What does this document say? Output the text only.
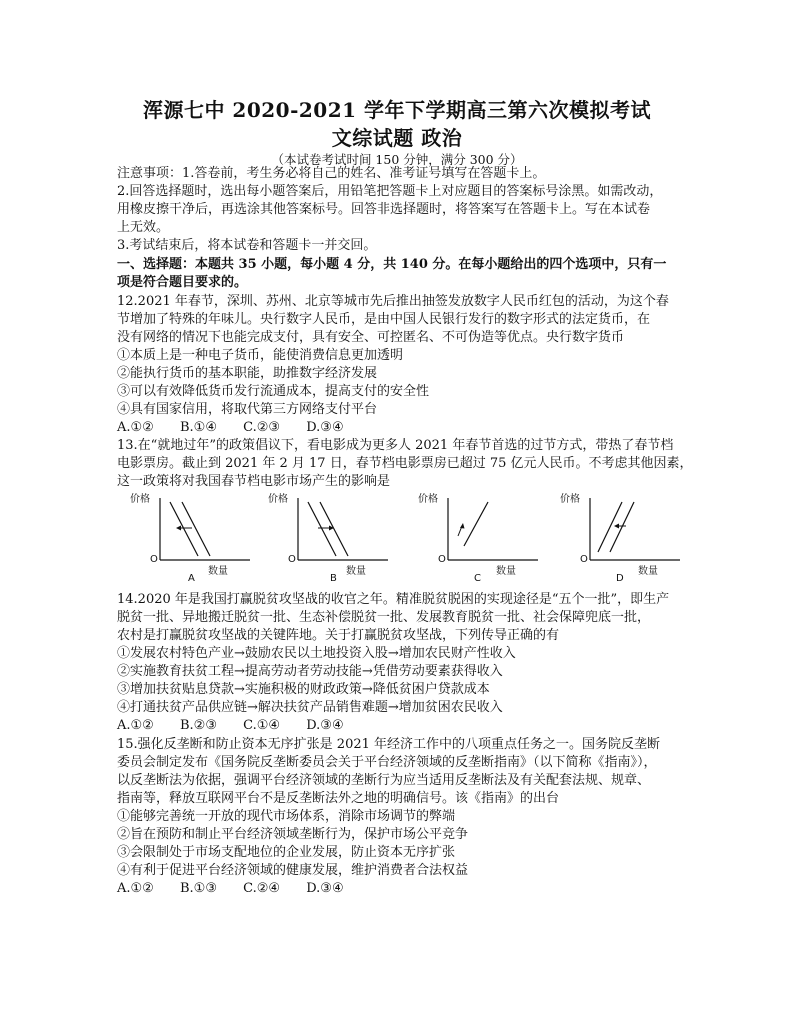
浑源七中 2020-2021 学年下学期高三第六次模拟考试
文综试题 政治
（本试卷考试时间 150 分钟，满分 300 分）
注意事项：1.答卷前，考生务必将自己的姓名、准考证号填写在答题卡上。
2.回答选择题时，选出每小题答案后，用铅笔把答题卡上对应题目的答案标号涂黑。如需改动，
用橡皮擦干净后，再选涂其他答案标号。回答非选择题时，将答案写在答题卡上。写在本试卷
上无效。
3.考试结束后，将本试卷和答题卡一并交回。
一、选择题：本题共 35 小题，每小题 4 分，共 140 分。在每小题给出的四个选项中，只有一
项是符合题目要求的。
12.2021 年春节，深圳、苏州、北京等城市先后推出抽签发放数字人民币红包的活动，为这个春
节增加了特殊的年味儿。央行数字人民币，是由中国人民银行发行的数字形式的法定货币，在
没有网络的情况下也能完成支付，具有安全、可控匿名、不可伪造等优点。央行数字货币
①本质上是一种电子货币，能使消费信息更加透明
②能执行货币的基本职能，助推数字经济发展
③可以有效降低货币发行流通成本，提高支付的安全性
④具有国家信用，将取代第三方网络支付平台
A.①② B.①④ C.②③ D.③④
13.在“就地过年”的政策倡议下，看电影成为更多人 2021 年春节首选的过节方式，带热了春节档
电影票房。截止到 2021 年 2 月 17 日，春节档电影票房已超过 75 亿元人民币。不考虑其他因素，
这一政策将对我国春节档电影市场产生的影响是
价格
O
数量
A
价格
O
数量
B
价格
O
数量
C
价格
O
数量
D
14.2020 年是我国打赢脱贫攻坚战的收官之年。精准脱贫脱困的实现途径是“五个一批”，即生产
脱贫一批、异地搬迁脱贫一批、生态补偿脱贫一批、发展教育脱贫一批、社会保障兜底一批，
农村是打赢脱贫攻坚战的关键阵地。关于打赢脱贫攻坚战，下列传导正确的有
①发展农村特色产业→鼓励农民以土地投资入股→增加农民财产性收入
②实施教育扶贫工程→提高劳动者劳动技能→凭借劳动要素获得收入
③增加扶贫贴息贷款→实施积极的财政政策→降低贫困户贷款成本
④打通扶贫产品供应链→解决扶贫产品销售难题→增加贫困农民收入
A.①② B.②③ C.①④ D.③④
15.强化反垄断和防止资本无序扩张是 2021 年经济工作中的八项重点任务之一。国务院反垄断
委员会制定发布《国务院反垄断委员会关于平台经济领域的反垄断指南》（以下简称《指南》），
以反垄断法为依据，强调平台经济领域的垄断行为应当适用反垄断法及有关配套法规、规章、
指南等，释放互联网平台不是反垄断法外之地的明确信号。该《指南》的出台
①能够完善统一开放的现代市场体系，消除市场调节的弊端
②旨在预防和制止平台经济领域垄断行为，保护市场公平竞争
③会限制处于市场支配地位的企业发展，防止资本无序扩张
④有利于促进平台经济领域的健康发展，维护消费者合法权益
A.①② B.①③ C.②④ D.③④
